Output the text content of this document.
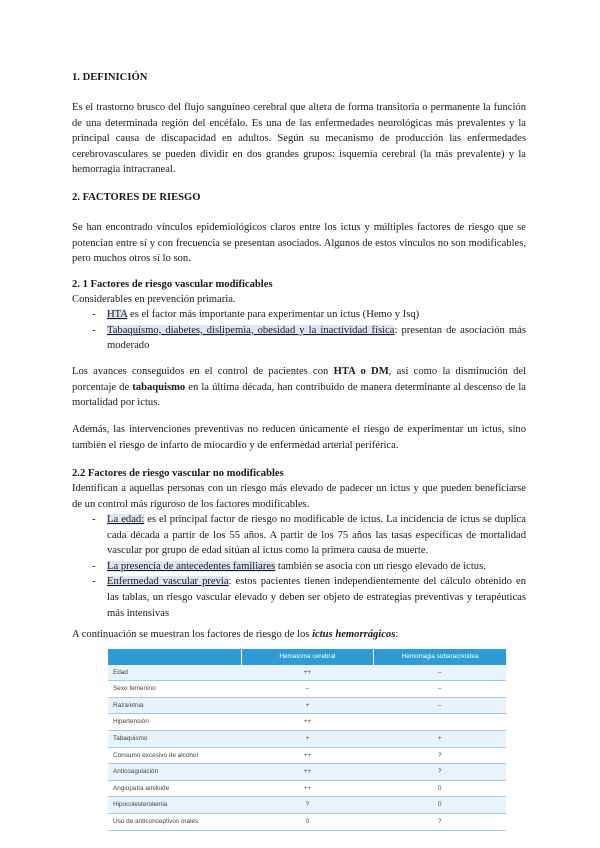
1. DEFINICIÓN
Es el trastorno brusco del flujo sanguíneo cerebral que altera de forma transitoria o permanente la función de una determinada región del encéfalo. Es una de las enfermedades neurológicas más prevalentes y la principal causa de discapacidad en adultos. Según su mecanismo de producción las enfermedades cerebrovasculares se pueden dividir en dos grandes grupos: isquemia cerebral (la más prevalente) y la hemorragia intracraneal.
2. FACTORES DE RIESGO
Se han encontrado vínculos epidemiológicos claros entre los ictus y múltiples factores de riesgo que se potencian entre sí y con frecuencia se presentan asociados. Algunos de estos vínculos no son modificables, pero muchos otros sí lo son.
2. 1 Factores de riesgo vascular modificables
Considerables en prevención primaria.
- HTA es el factor más importante para experimentar un ictus (Hemo y Isq)
- Tabaquismo, diabetes, dislipemia, obesidad y la inactividad física: presentan de asociación más moderado
Los avances conseguidos en el control de pacientes con HTA o DM, así como la disminución del porcentaje de tabaquismo en la última década, han contribuido de manera determinante al descenso de la mortalidad por ictus.
Además, las intervenciones preventivas no reducen únicamente el riesgo de experimentar un ictus, sino también el riesgo de infarto de miocardio y de enfermedad arterial periférica.
2.2 Factores de riesgo vascular no modificables
Identifican a aquellas personas con un riesgo más elevado de padecer un ictus y que pueden beneficiarse de un control más riguroso de los factores modificables.
- La edad: es el principal factor de riesgo no modificable de ictus. La incidencia de ictus se duplica cada década a partir de los 55 años. A partir de los 75 años las tasas específicas de mortalidad vascular por grupo de edad sitúan al ictus como la primera causa de muerte.
- La presencia de antecedentes familiares también se asocia con un riesgo elevado de ictus.
- Enfermedad vascular previa: estos pacientes tienen independientemente del cálculo obtenido en las tablas, un riesgo vascular elevado y deben ser objeto de estrategias preventivas y terapéuticas más intensivas
A continuación se muestran los factores de riesgo de los ictus hemorrágicos:
	Hematoma cerebral	Hemorragia subaracnoidea
Edad	++	–
Sexo femenino	–	–
Raza/etnia	+	–
Hipertensión	++	
Tabaquismo	+	+
Consumo excesivo de alcohol	++	?
Anticoagulación	++	?
Angiopatía amiloide	++	0
Hipocolesterolemia	?	0
Uso de anticonceptivos orales	0	?
